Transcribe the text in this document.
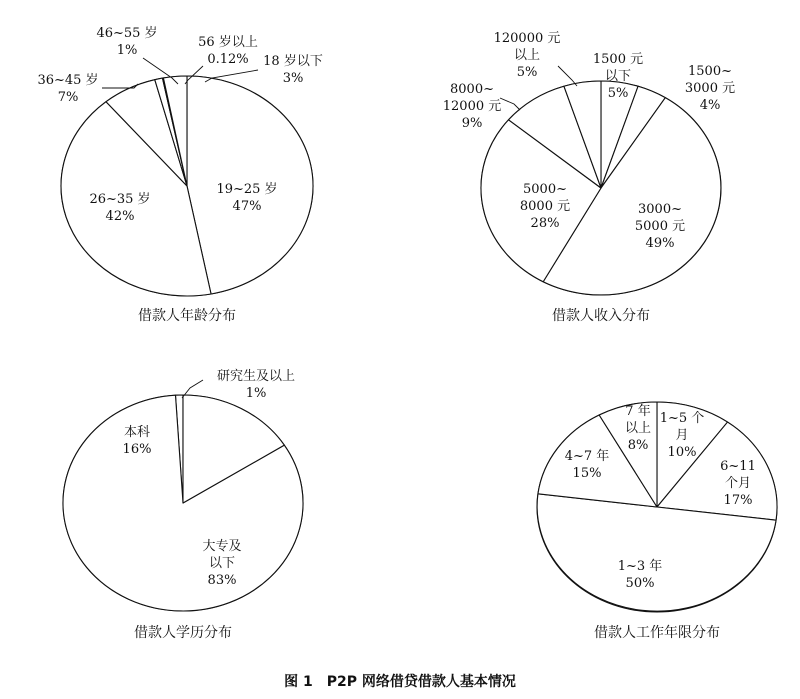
19~25 岁 47%
26~35 岁 42%
36~45 岁 7%
46~55 岁 1%
56 岁以上 0.12%	18 岁以下 3%
借款人年龄分布
1500 元以下 5%
1500~ 3000 元 4%
3000~ 5000 元 49%
5000~ 8000 元 28%
8000~ 12000 元 9%
120000 元以上 5%
借款人收入分布
研究生及以上 1%
大专及以下 83%
本科 16%
借款人学历分布
1~5 个月 10%
6~11 个月 17%
1~3 年 50%
4~7 年 15%
7 年以上 8%
借款人工作年限分布
图 1　P2P 网络借贷借款人基本情况
